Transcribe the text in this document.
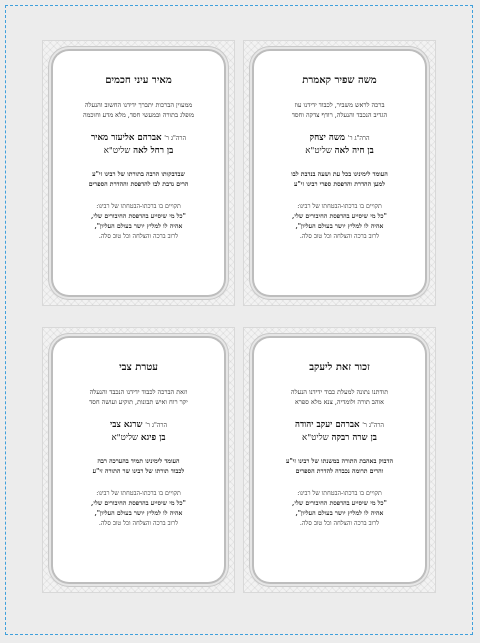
משה שפיר קאמרת
ברכה לראש משביר, לכבוד ידידנו עוז
הגדיב הנכבד והנעלה, רודף צדקה וחסד
הרה"ג ר' משה יצחק
בן חיה לאה שליט"א
העומד לימינינו בכל עת ושעה בנדבת לבו
למען ההדרת והדפסת ספרי רבינו זי"ע
תקויים בו ברכתו-הבטחתו של רבינו:
"כל מי שיסייע בהדפסת החיבורים שלי,
אהיה לו למליץ יושר בעולם העליון",
לרוב ברכה והצלחה וכל טוב סלה.
מאיר עיני חכמים
ממעוין הברכות יתברך ידידנו החשוב והנעלה
מופלג בתורה ובמעשי חסד, מלא מדע וחוכמה
הרה"ג ר' אברהם אליעזר מאיר
בן רחל לאה שליט"א
שבדבקותו הרבה בתורתו של רבינו זי"ע
הרים נדבת לבו להדפסת וההדרת הספרים
תקויים בו ברכתו-הבטחתו של רבינו:
"כל מי שיסייע בהדפסת החיבורים שלי,
אהיה לו למליץ יושר בעולם העליון",
לרוב ברכה והצלחה וכל טוב סלה.
זכור זאת ליעקב
תודתנו נתונה למעלת כבוד ידידנו הנעלה
אוהב תורה ולומדיה, צנא מלא ספרא
הרה"ג ר' אברהם יעקב יהודה
בן שרה רבקה שליט"א
הדבוק באהבת התורה במשנתו של רבינו זי"ע
והרים תרומה נכבדה להדרת הספרים
תקויים בו ברכתו-הבטחתו של רבינו:
"כל מי שיסייע בהדפסת החיבורים שלי,
אהיה לו למליץ יושר בעולם העליון",
לרוב ברכה והצלחה וכל טוב סלה.
עטרת צבי
וזאת הברכה לכבוד ידידנו הנכבד והנעלה
יקר רוח ואיש תבונות, תוקיע ועושה חסד
הרה"ג ר' שרגא צבי
בן פיגא שליט"א
העומד לימינינו תמיד בהערכה רבה
לכבוד תורתו של רבינו שר התורה זי"ע
תקויים בו ברכתו-הבטחתו של רבינו:
"כל מי שיסייע בהדפסת החיבורים שלי,
אהיה לו למליץ יושר בעולם העליון",
לרוב ברכה והצלחה וכל טוב סלה.
